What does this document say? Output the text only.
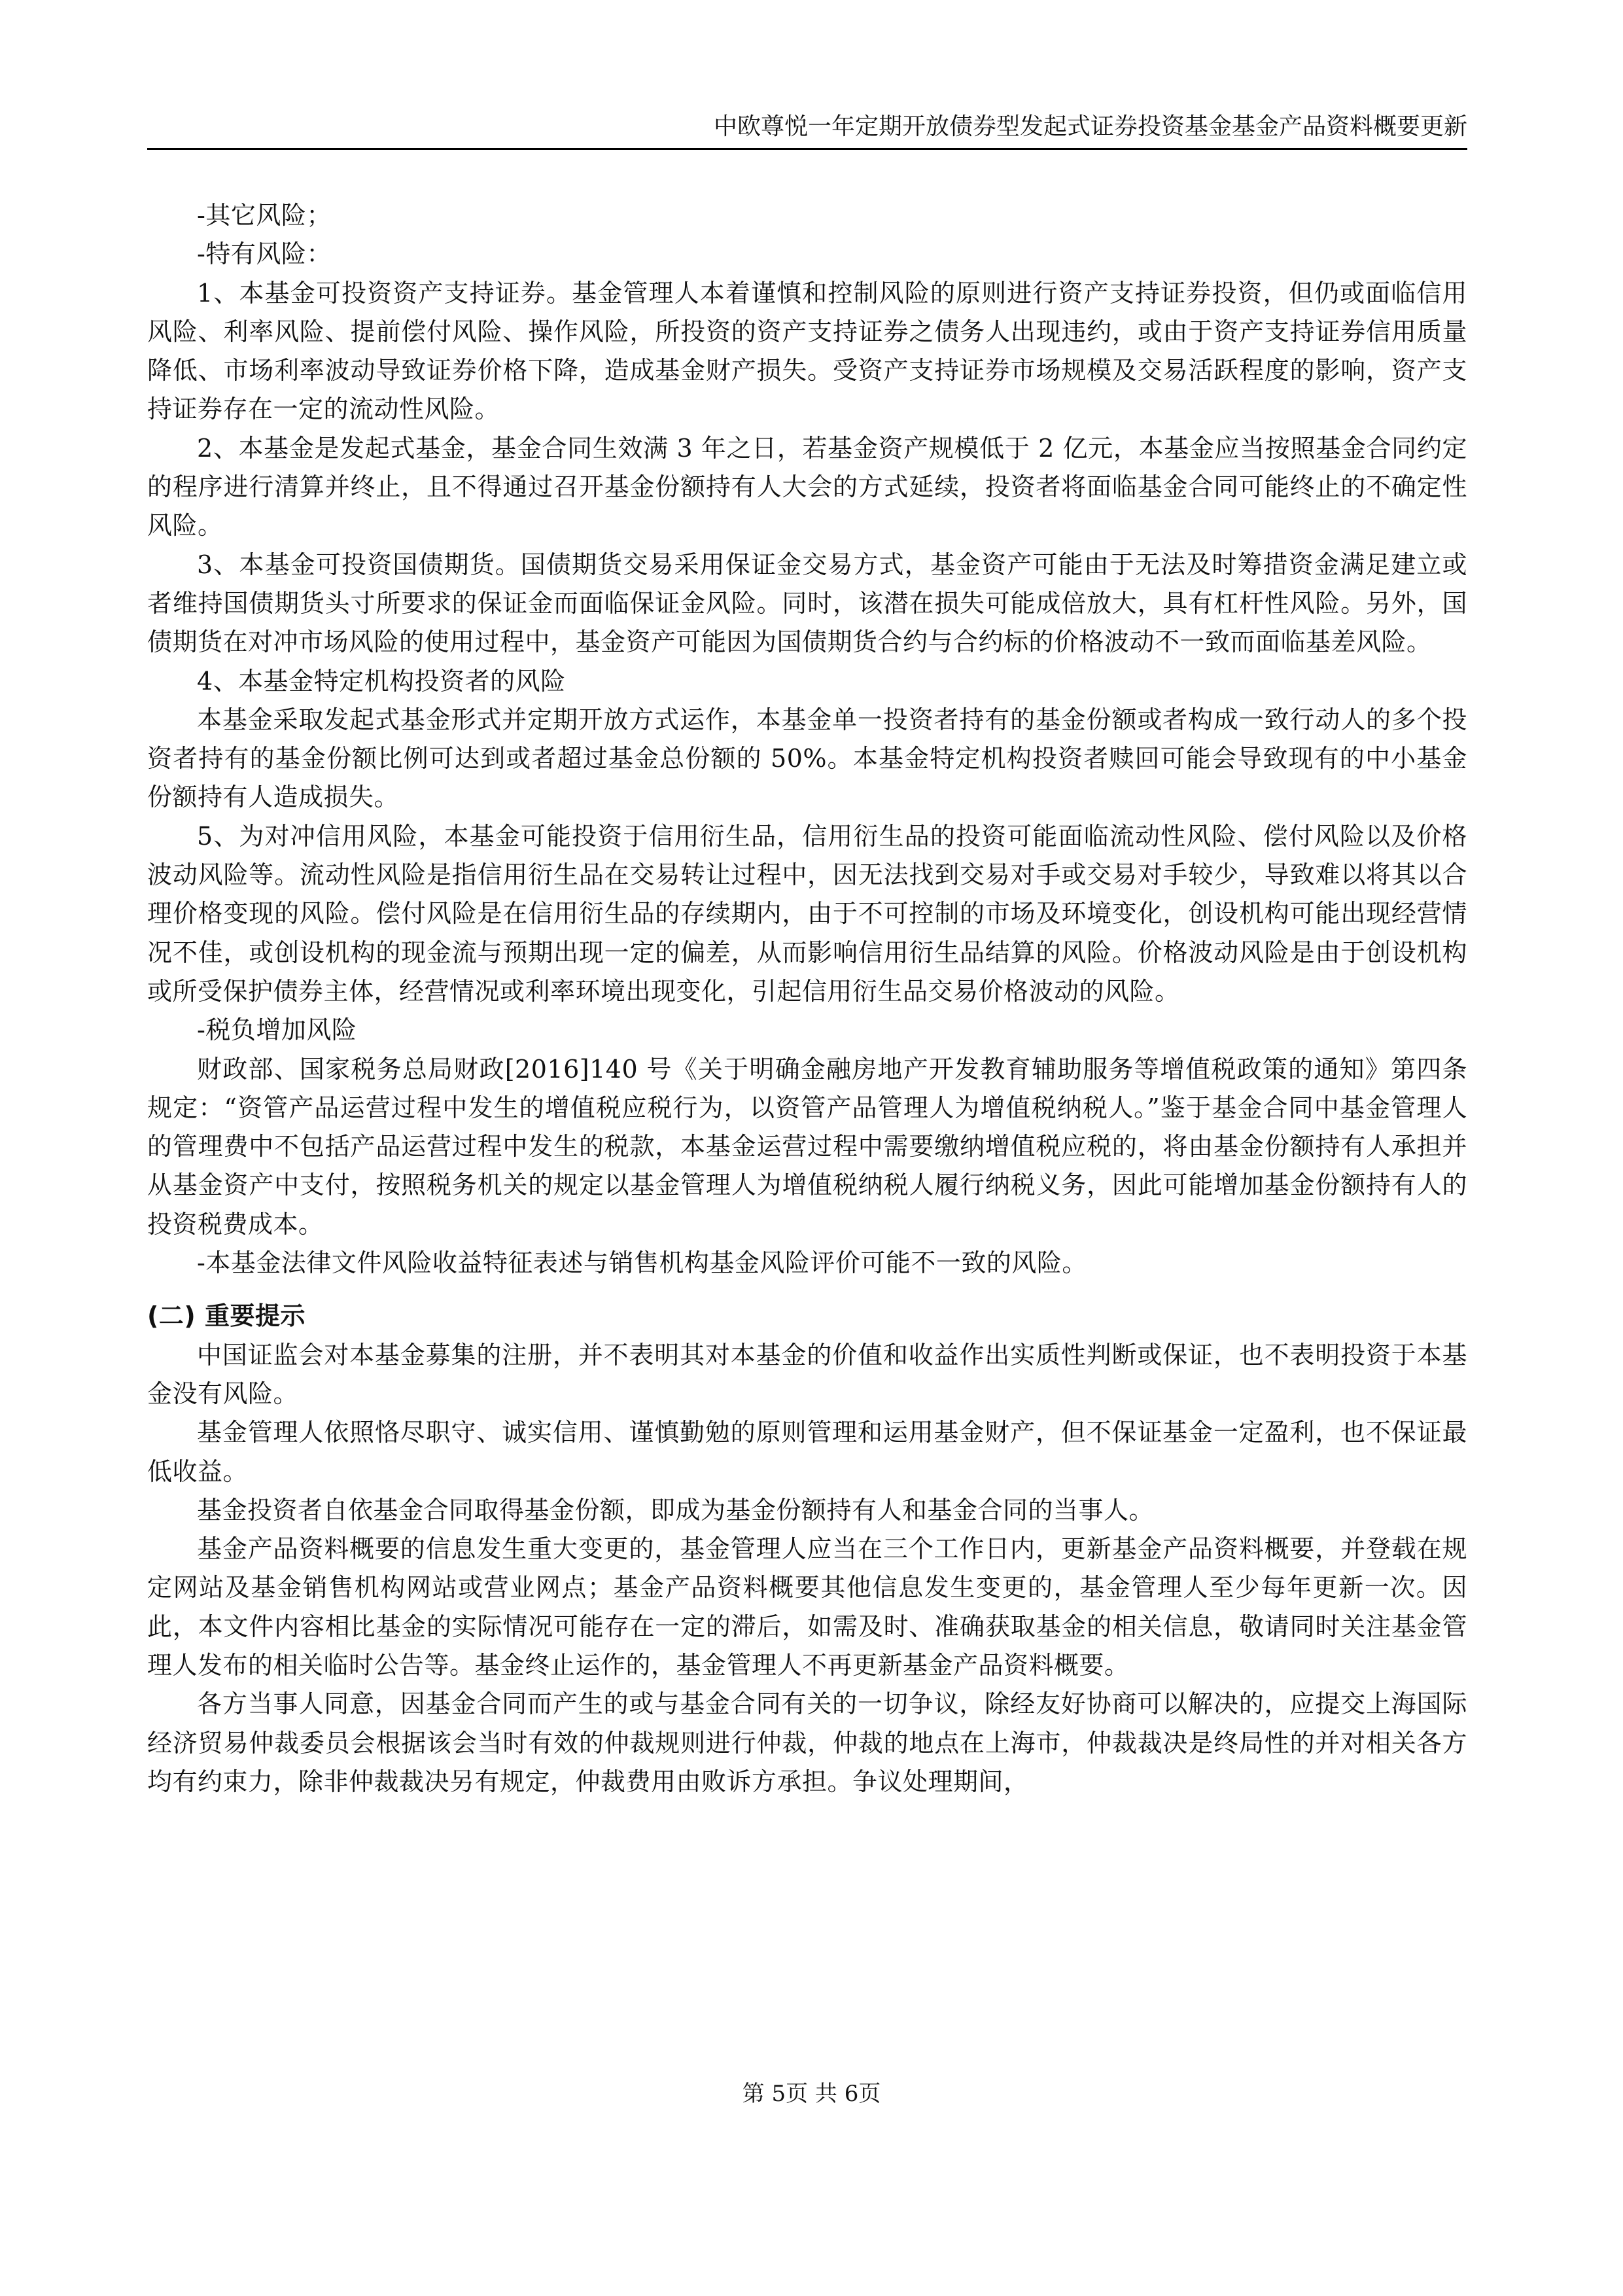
中欧尊悦一年定期开放债券型发起式证券投资基金基金产品资料概要更新

-其它风险；

-特有风险：

1、本基金可投资资产支持证券。基金管理人本着谨慎和控制风险的原则进行资产支持证券投资，但仍或面临信用风险、利率风险、提前偿付风险、操作风险，所投资的资产支持证券之债务人出现违约，或由于资产支持证券信用质量降低、市场利率波动导致证券价格下降，造成基金财产损失。受资产支持证券市场规模及交易活跃程度的影响，资产支持证券存在一定的流动性风险。

2、本基金是发起式基金，基金合同生效满 3 年之日，若基金资产规模低于 2 亿元，本基金应当按照基金合同约定的程序进行清算并终止，且不得通过召开基金份额持有人大会的方式延续，投资者将面临基金合同可能终止的不确定性风险。

3、本基金可投资国债期货。国债期货交易采用保证金交易方式，基金资产可能由于无法及时筹措资金满足建立或者维持国债期货头寸所要求的保证金而面临保证金风险。同时，该潜在损失可能成倍放大，具有杠杆性风险。另外，国债期货在对冲市场风险的使用过程中，基金资产可能因为国债期货合约与合约标的价格波动不一致而面临基差风险。

4、本基金特定机构投资者的风险

本基金采取发起式基金形式并定期开放方式运作，本基金单一投资者持有的基金份额或者构成一致行动人的多个投资者持有的基金份额比例可达到或者超过基金总份额的 50%。本基金特定机构投资者赎回可能会导致现有的中小基金份额持有人造成损失。

5、为对冲信用风险，本基金可能投资于信用衍生品，信用衍生品的投资可能面临流动性风险、偿付风险以及价格波动风险等。流动性风险是指信用衍生品在交易转让过程中，因无法找到交易对手或交易对手较少，导致难以将其以合理价格变现的风险。偿付风险是在信用衍生品的存续期内，由于不可控制的市场及环境变化，创设机构可能出现经营情况不佳，或创设机构的现金流与预期出现一定的偏差，从而影响信用衍生品结算的风险。价格波动风险是由于创设机构或所受保护债券主体，经营情况或利率环境出现变化，引起信用衍生品交易价格波动的风险。

-税负增加风险

财政部、国家税务总局财政[2016]140 号《关于明确金融房地产开发教育辅助服务等增值税政策的通知》第四条规定：“资管产品运营过程中发生的增值税应税行为，以资管产品管理人为增值税纳税人。”鉴于基金合同中基金管理人的管理费中不包括产品运营过程中发生的税款，本基金运营过程中需要缴纳增值税应税的，将由基金份额持有人承担并从基金资产中支付，按照税务机关的规定以基金管理人为增值税纳税人履行纳税义务，因此可能增加基金份额持有人的投资税费成本。

-本基金法律文件风险收益特征表述与销售机构基金风险评价可能不一致的风险。

(二) 重要提示

中国证监会对本基金募集的注册，并不表明其对本基金的价值和收益作出实质性判断或保证，也不表明投资于本基金没有风险。

基金管理人依照恪尽职守、诚实信用、谨慎勤勉的原则管理和运用基金财产，但不保证基金一定盈利，也不保证最低收益。

基金投资者自依基金合同取得基金份额，即成为基金份额持有人和基金合同的当事人。

基金产品资料概要的信息发生重大变更的，基金管理人应当在三个工作日内，更新基金产品资料概要，并登载在规定网站及基金销售机构网站或营业网点；基金产品资料概要其他信息发生变更的，基金管理人至少每年更新一次。因此，本文件内容相比基金的实际情况可能存在一定的滞后，如需及时、准确获取基金的相关信息，敬请同时关注基金管理人发布的相关临时公告等。基金终止运作的，基金管理人不再更新基金产品资料概要。

各方当事人同意，因基金合同而产生的或与基金合同有关的一切争议，除经友好协商可以解决的，应提交上海国际经济贸易仲裁委员会根据该会当时有效的仲裁规则进行仲裁，仲裁的地点在上海市，仲裁裁决是终局性的并对相关各方均有约束力，除非仲裁裁决另有规定，仲裁费用由败诉方承担。争议处理期间，

第 5页 共 6页
